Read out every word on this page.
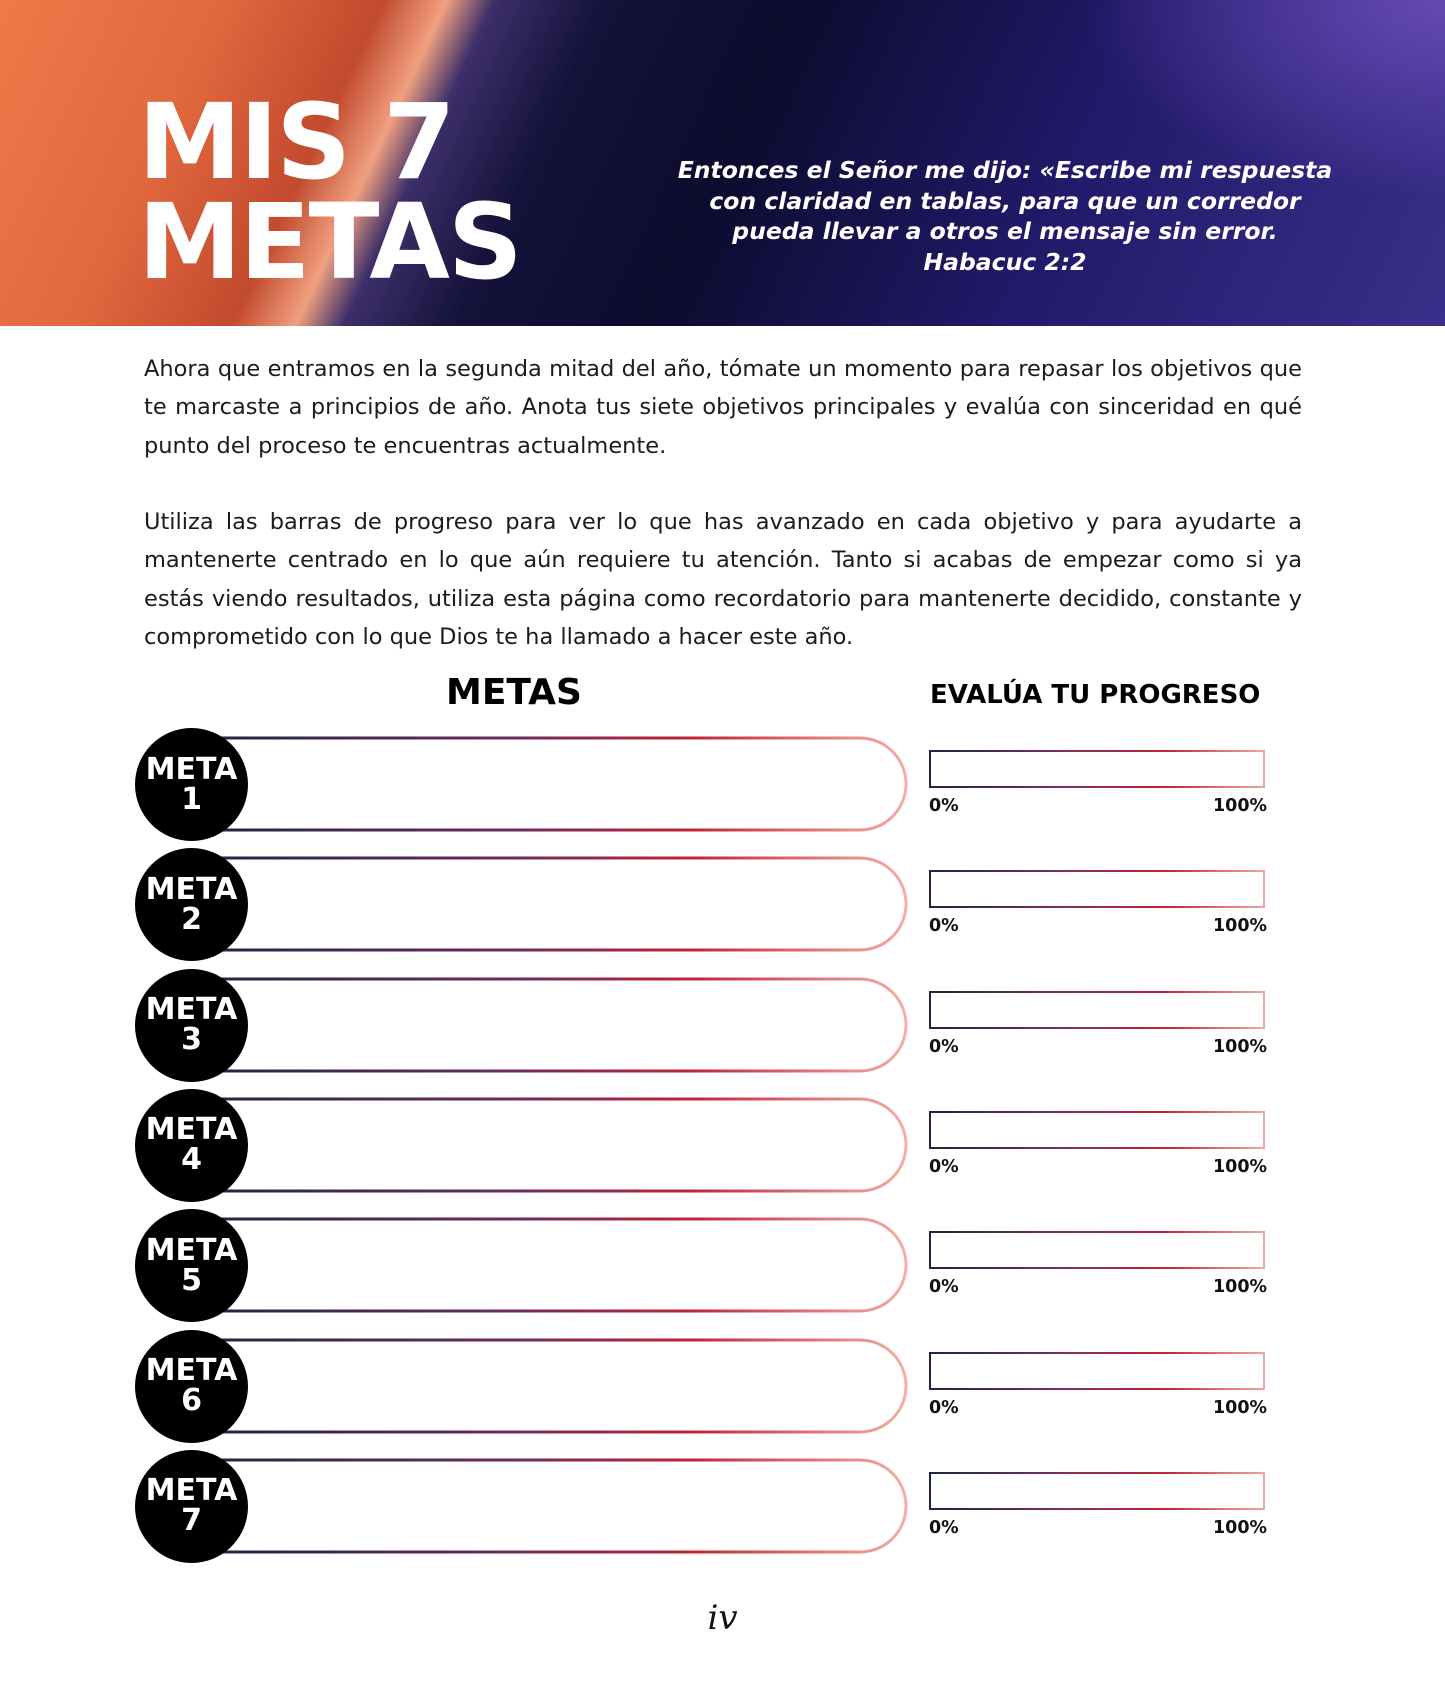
MIS 7
METAS
Entonces el Señor me dijo: «Escribe mi respuesta
con claridad en tablas, para que un corredor
pueda llevar a otros el mensaje sin error.
Habacuc 2:2

Ahora que entramos en la segunda mitad del año, tómate un momento para repasar los objetivos que te marcaste a principios de año. Anota tus siete objetivos principales y evalúa con sinceridad en qué punto del proceso te encuentras actualmente.

Utiliza las barras de progreso para ver lo que has avanzado en cada objetivo y para ayudarte a mantenerte centrado en lo que aún requiere tu atención. Tanto si acabas de empezar como si ya estás viendo resultados, utiliza esta página como recordatorio para mantenerte decidido, constante y comprometido con lo que Dios te ha llamado a hacer este año.

METAS	EVALÚA TU PROGRESO
META
1	0%	100%
META
2	0%	100%
META
3	0%	100%
META
4	0%	100%
META
5	0%	100%
META
6	0%	100%
META
7	0%	100%
iv
